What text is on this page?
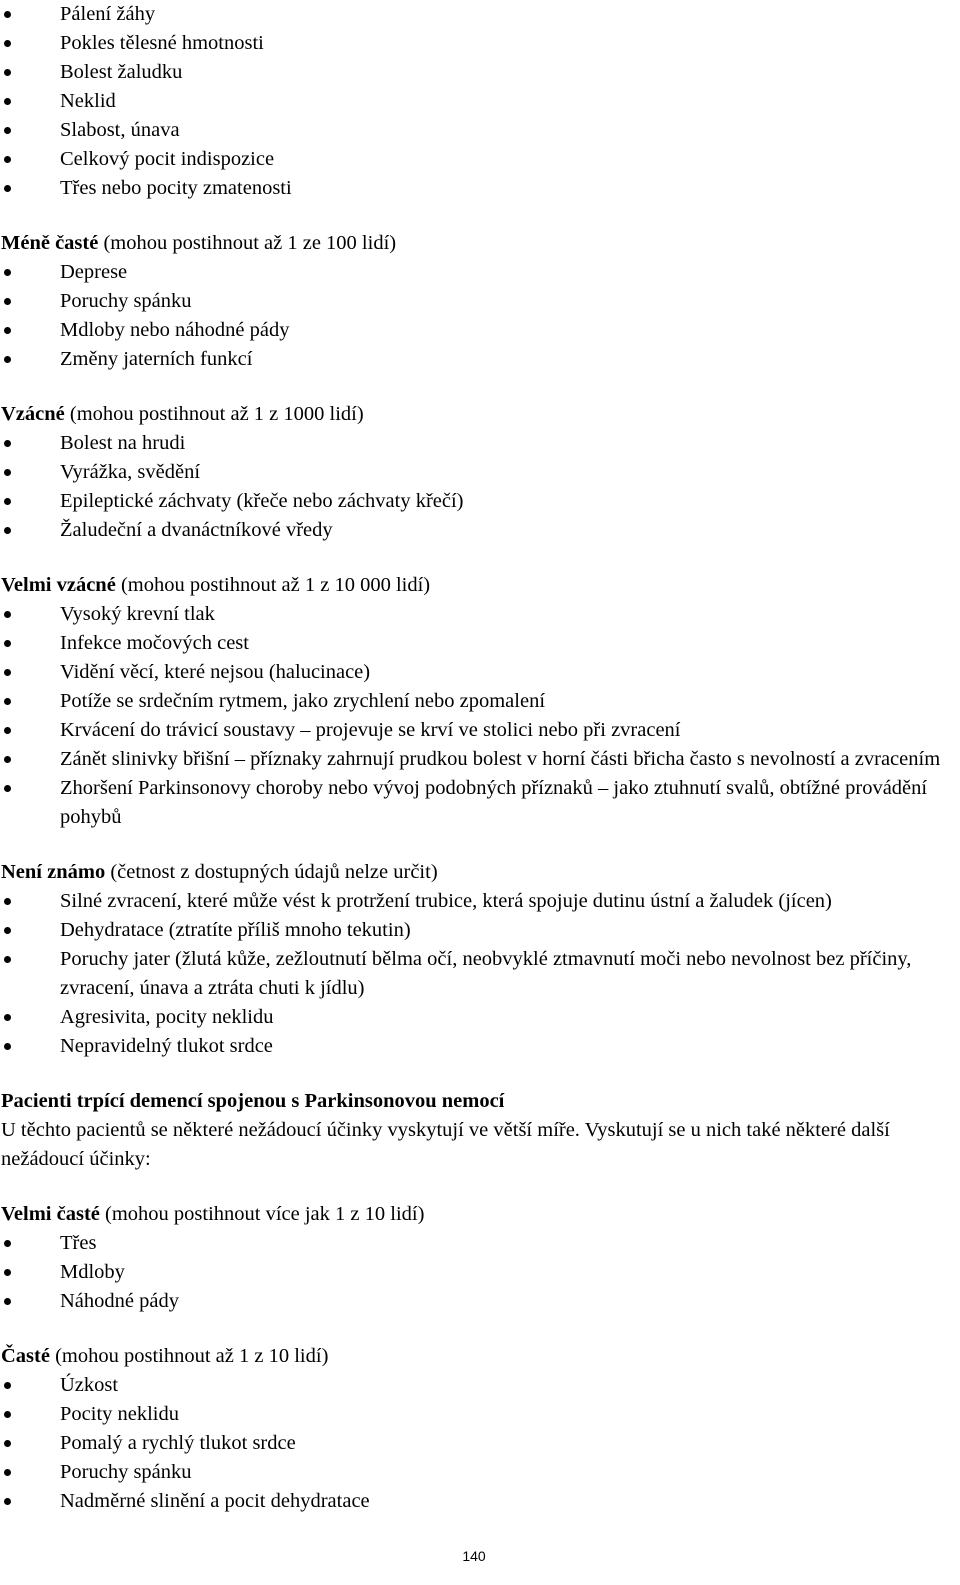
Pálení žáhy
Pokles tělesné hmotnosti
Bolest žaludku
Neklid
Slabost, únava
Celkový pocit indispozice
Třes nebo pocity zmatenosti
Méně časté (mohou postihnout až 1 ze 100 lidí)
Deprese
Poruchy spánku
Mdloby nebo náhodné pády
Změny jaterních funkcí
Vzácné (mohou postihnout až 1 z 1000 lidí)
Bolest na hrudi
Vyrážka, svědění
Epileptické záchvaty (křeče nebo záchvaty křečí)
Žaludeční a dvanáctníkové vředy
Velmi vzácné (mohou postihnout až 1 z 10 000 lidí)
Vysoký krevní tlak
Infekce močových cest
Vidění věcí, které nejsou (halucinace)
Potíže se srdečním rytmem, jako zrychlení nebo zpomalení
Krvácení do trávicí soustavy – projevuje se krví ve stolici nebo při zvracení
Zánět slinivky břišní – příznaky zahrnují prudkou bolest v horní části břicha často s nevolností a zvracením
Zhoršení Parkinsonovy choroby nebo vývoj podobných příznaků – jako ztuhnutí svalů, obtížné provádění pohybů
Není známo (četnost z dostupných údajů nelze určit)
Silné zvracení, které může vést k protržení trubice, která spojuje dutinu ústní a žaludek (jícen)
Dehydratace (ztratíte příliš mnoho tekutin)
Poruchy jater (žlutá kůže, zežloutnutí bělma očí, neobvyklé ztmavnutí moči nebo nevolnost bez příčiny, zvracení, únava a ztráta chuti k jídlu)
Agresivita, pocity neklidu
Nepravidelný tlukot srdce
Pacienti trpící demencí spojenou s Parkinsonovou nemocí

U těchto pacientů se některé nežádoucí účinky vyskytují ve větší míře. Vyskutují se u nich také některé další nežádoucí účinky:

Velmi časté (mohou postihnout více jak 1 z 10 lidí)
Třes
Mdloby
Náhodné pády
Časté (mohou postihnout až 1 z 10 lidí)
Úzkost
Pocity neklidu
Pomalý a rychlý tlukot srdce
Poruchy spánku
Nadměrné slinění a pocit dehydratace
140
